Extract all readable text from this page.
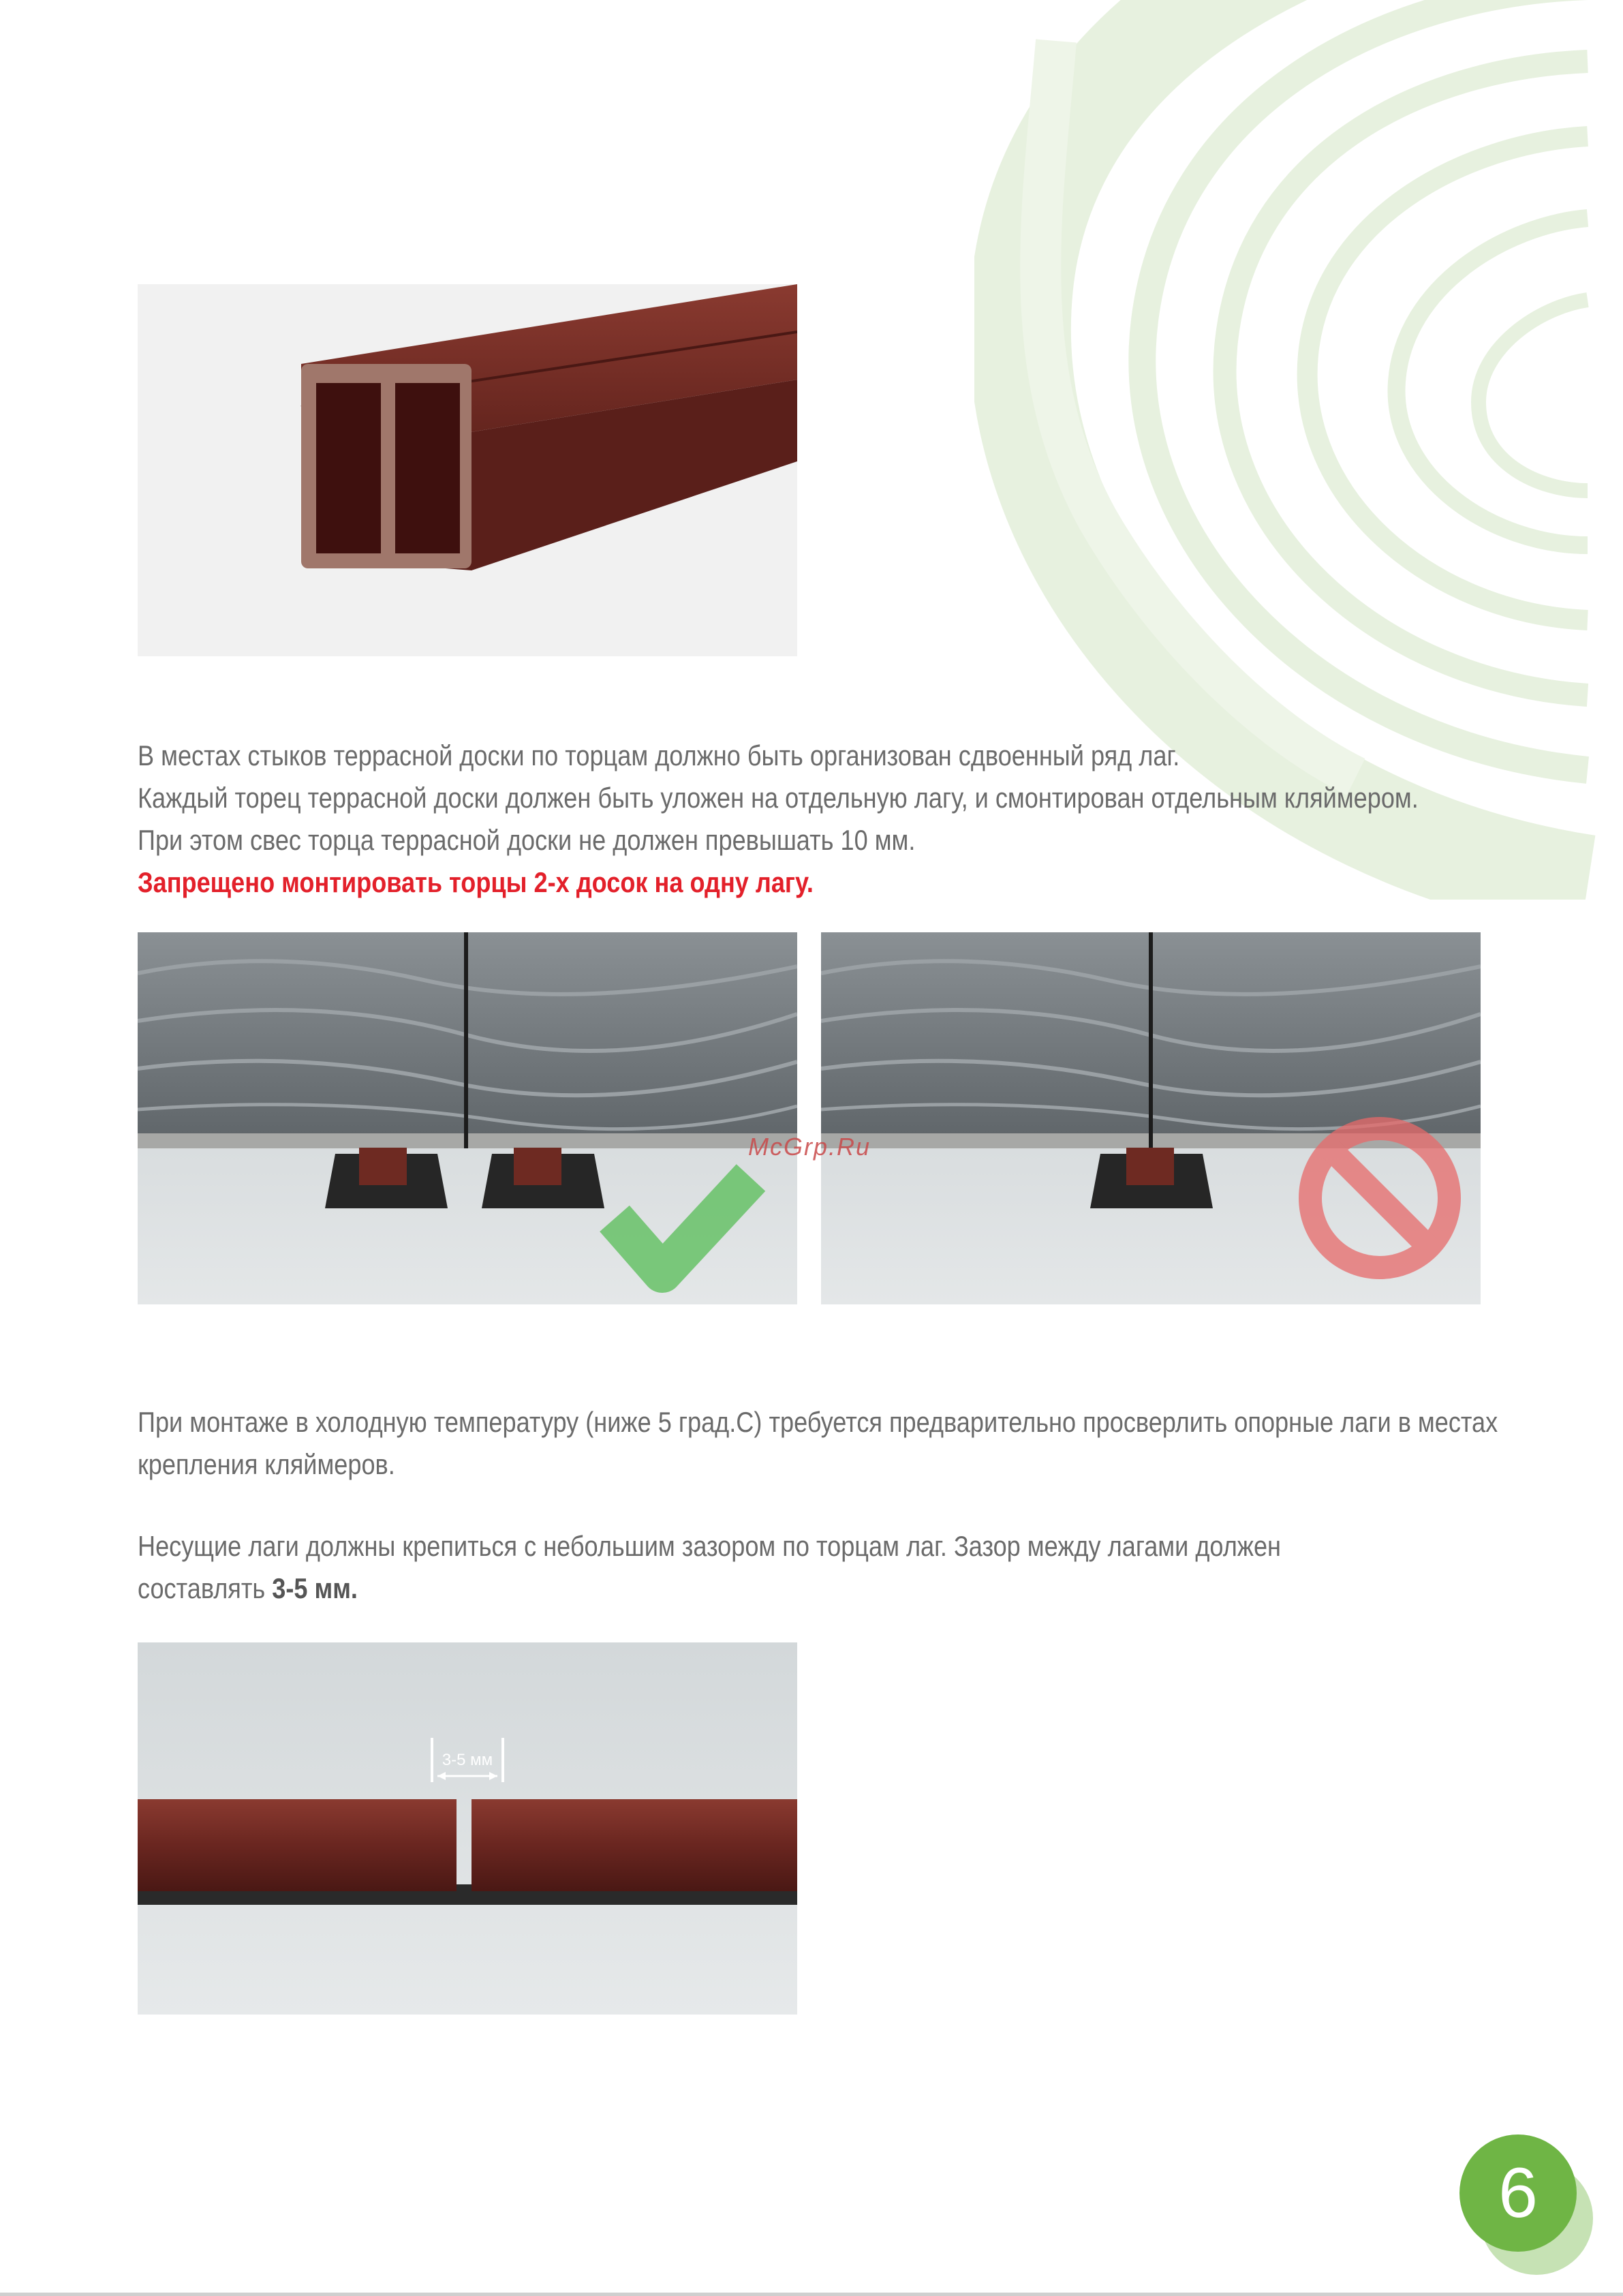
В местах стыков террасной доски по торцам должно быть организован сдвоенный ряд лаг.
Каждый торец террасной доски должен быть уложен на отдельную лагу, и смонтирован отдельным кляймером.
При этом свес торца террасной доски не должен превышать 10 мм.
Запрещено монтировать торцы 2-х досок на одну лагу.
McGrp.Ru
При монтаже в холодную температуру (ниже 5 град.С) требуется предварительно просверлить опорные лаги в местах
крепления кляймеров.
Несущие лаги должны крепиться с небольшим зазором по торцам лаг. Зазор между лагами должен
составлять 3-5 мм.
3-5 мм
6
